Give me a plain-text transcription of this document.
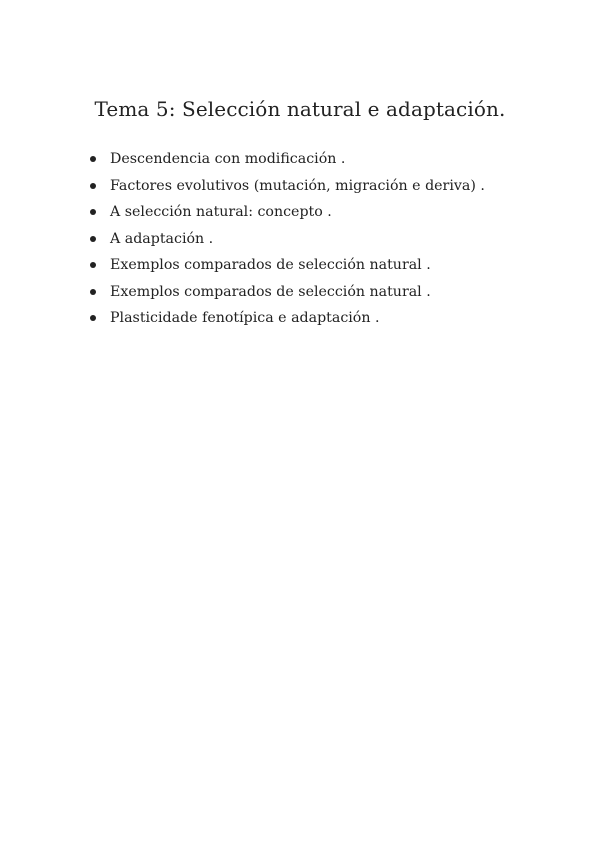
Tema 5: Selección natural e adaptación.
Descendencia con modificación .
Factores evolutivos (mutación, migración e deriva) .
A selección natural: concepto .
A adaptación .
Exemplos comparados de selección natural .
Exemplos comparados de selección natural .
Plasticidade fenotípica e adaptación .
